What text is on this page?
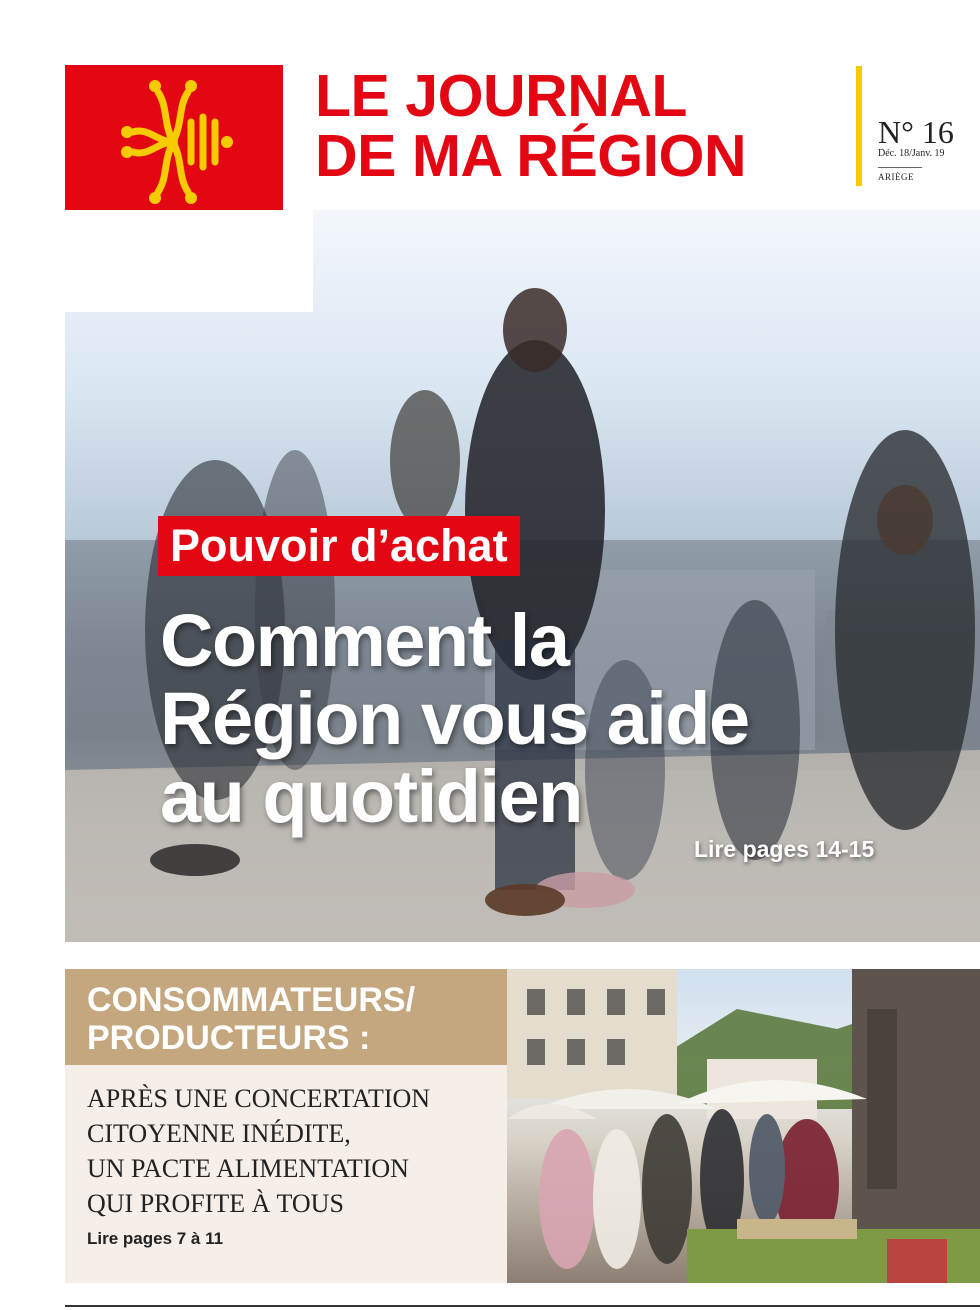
LE JOURNAL
DE MA RÉGION	N° 16
Déc. 18/Janv. 19
ARIÈGE
Pouvoir d’achat
Comment la
Région vous aide
au quotidien
Lire pages 14-15
CONSOMMATEURS/
PRODUCTEURS :
APRÈS UNE CONCERTATION
CITOYENNE INÉDITE,
UN PACTE ALIMENTATION
QUI PROFITE À TOUS
Lire pages 7 à 11
